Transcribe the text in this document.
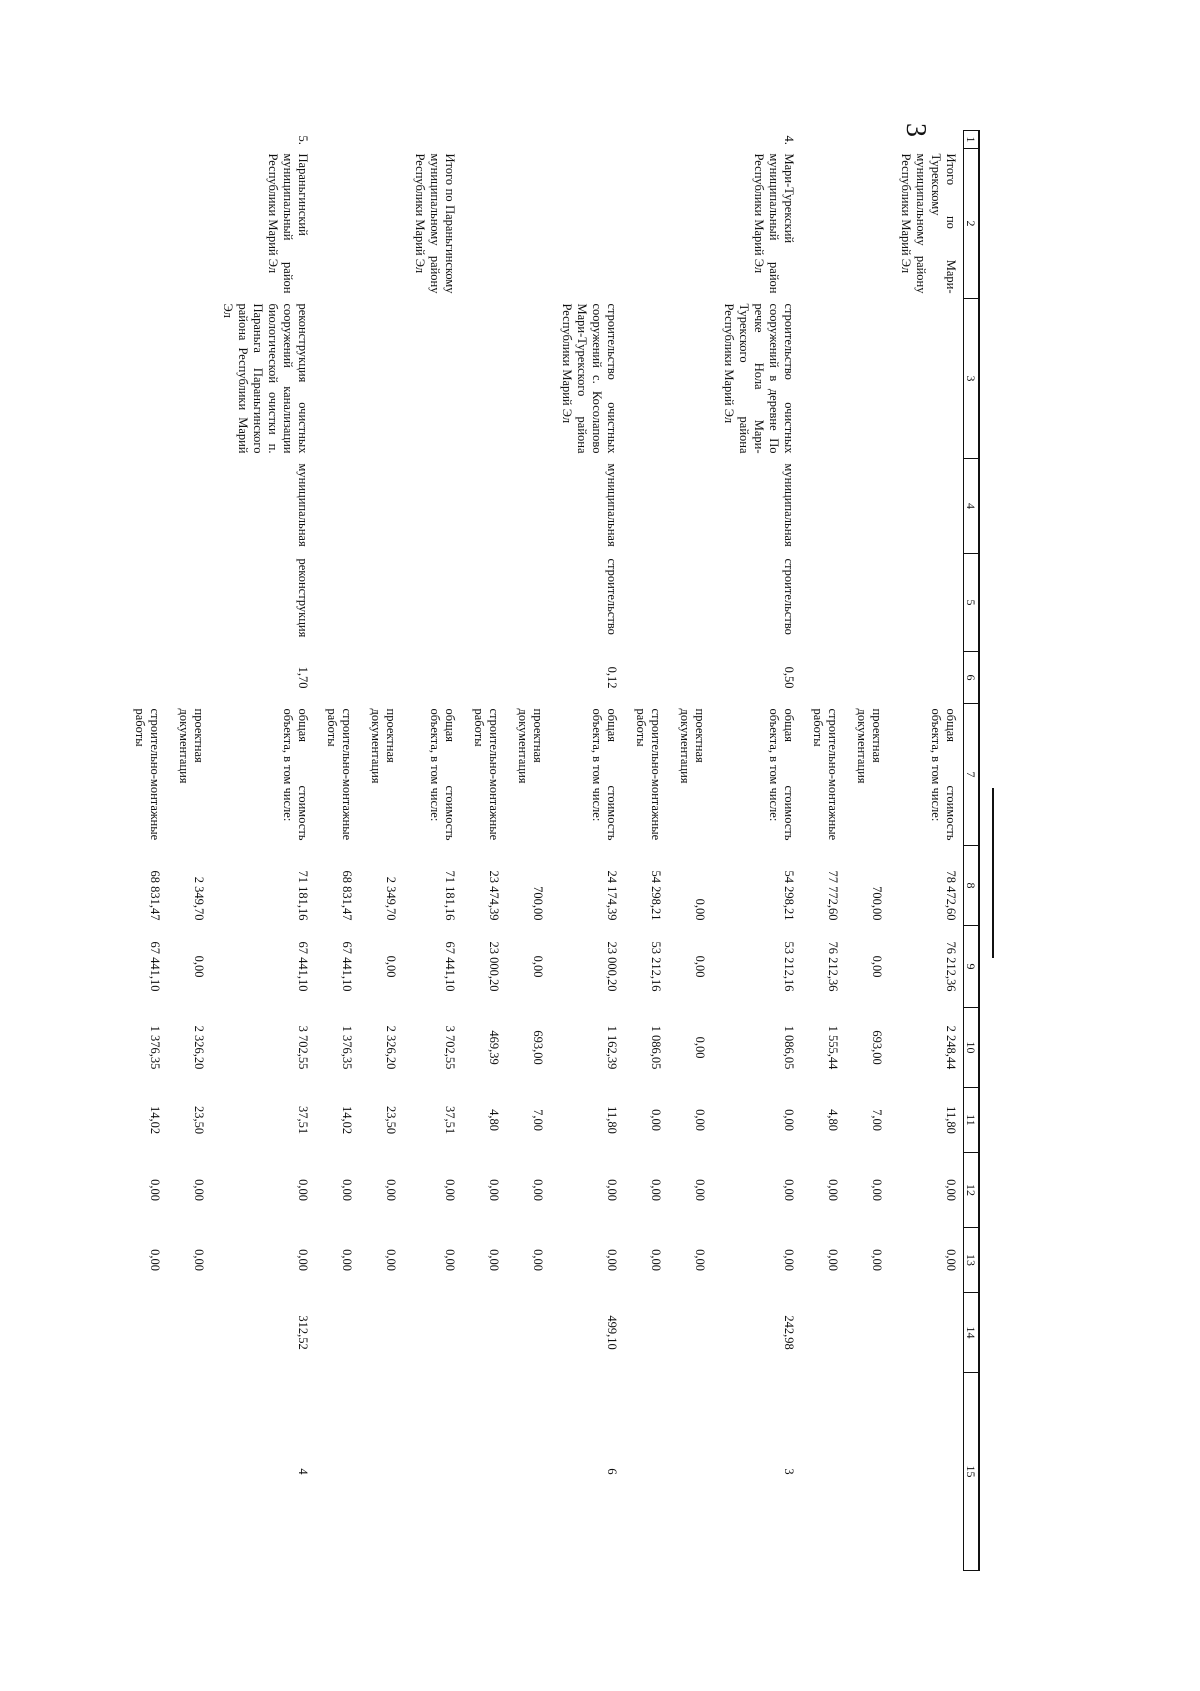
3
1	2	3	4	5	6	7	8	9	10	11	12	13	14	15
	Итого по Мари-Турекскому муниципальному району Республики Марий Эл					общая стоимость объекта, в том числе:	78 472,60	76 212,36	2 248,44	11,80	0,00	0,00		
						проектная документация	700,00	0,00	693,00	7,00	0,00	0,00		
						строительно-монтажные работы	77 772,60	76 212,36	1 555,44	4,80	0,00	0,00		
4.	Мари-Турекский муниципальный район Республики Марий Эл	строительство очистных сооружений в деревне По речке Нола Мари-Турекского района Республики Марий Эл	муниципальная	строительство	0,50	общая стоимость объекта, в том числе:	54 298,21	53 212,16	1 086,05	0,00	0,00	0,00	242,98	3
						проектная документация	0,00	0,00	0,00	0,00	0,00	0,00		
						строительно-монтажные работы	54 298,21	53 212,16	1 086,05	0,00	0,00	0,00		
		строительство очистных сооружений с. Косолапово Мари-Турекского района Республики Марий Эл	муниципальная	строительство	0,12	общая стоимость объекта, в том числе:	24 174,39	23 000,20	1 162,39	11,80	0,00	0,00	499,10	6
						проектная документация	700,00	0,00	693,00	7,00	0,00	0,00		
						строительно-монтажные работы	23 474,39	23 000,20	469,39	4,80	0,00	0,00		
	Итого по Параньгинскому муниципальному району Республики Марий Эл					общая стоимость объекта, в том числе:	71 181,16	67 441,10	3 702,55	37,51	0,00	0,00		
						проектная документация	2 349,70	0,00	2 326,20	23,50	0,00	0,00		
						строительно-монтажные работы	68 831,47	67 441,10	1 376,35	14,02	0,00	0,00		
5.	Параньгинский муниципальный район Республики Марий Эл	реконструкция очистных сооружений канализации биологической очистки п. Параньга Параньгинского района Республики Марий Эл	муниципальная	реконструкция	1,70	общая стоимость объекта, в том числе:	71 181,16	67 441,10	3 702,55	37,51	0,00	0,00	312,52	4
						проектная документация	2 349,70	0,00	2 326,20	23,50	0,00	0,00		
						строительно-монтажные работы	68 831,47	67 441,10	1 376,35	14,02	0,00	0,00		
